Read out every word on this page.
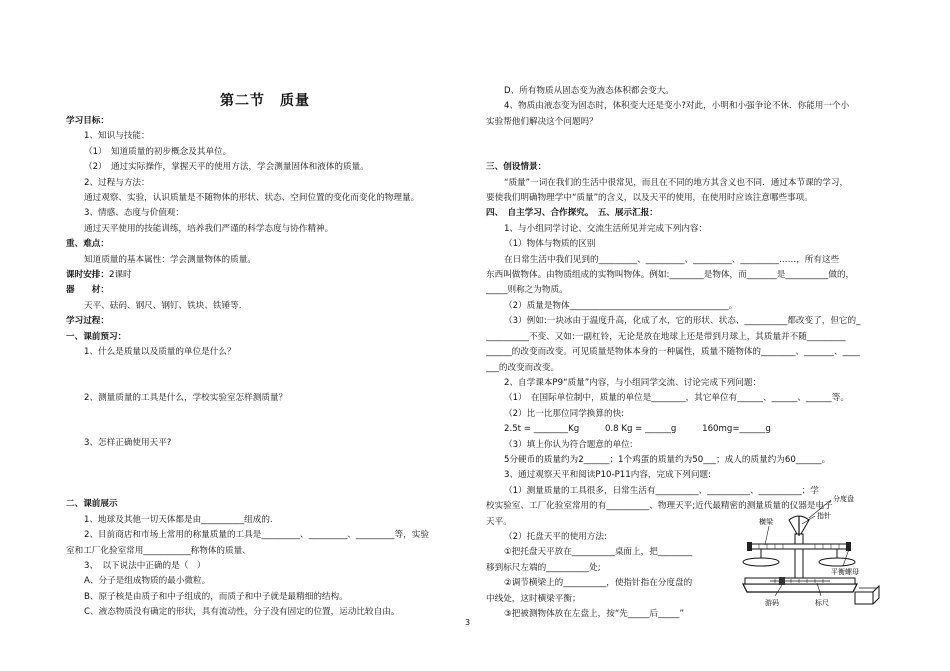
第二节　质量
学习目标：
1、知识与技能：
（1）　知道质量的初步概念及其单位。
（2）　通过实际操作，掌握天平的使用方法，学会测量固体和液体的质量。
2、过程与方法：
通过观察、实验，认识质量是不随物体的形状、状态、空间位置的变化而变化的物理量。
3、情感、态度与价值观：
通过天平使用的技能训练，培养我们严谨的科学态度与协作精神。
重、难点：
知道质量的基本属性：学会测量物体的质量。
课时安排：2课时
器　　材：
天平、砝码、钢尺、钢钉、铁块、铁锤等.
学习过程：
一、课前预习：
1、什么是质量以及质量的单位是什么？
2、测量质量的工具是什么，学校实验室怎样测质量？
3、怎样正确使用天平?
二、课前展示
1、地球及其他一切天体都是由__________组成的.
2、目前商店和市场上常用的称量质量的工具是_________、_________、_________等，实验
室和工厂化验室常用___________称物体的质量、
3、　以下说法中正确的是（　）
A、分子是组成物质的最小微粒。
B、原子核是由质子和中子组成的，而质子和中子就是最精细的结构。
C、液态物质没有确定的形状，具有流动性，分子没有固定的位置，运动比较自由。
D、所有物质从固态变为液态体积都会变大。
4、物质由液态变为固态时，体积变大还是变小?对此，小明和小强争论不休．你能用一个小
实验帮他们解决这个问题吗？
三、创设情景：
“质量”一词在我们的生活中很常见，而且在不同的地方其含义也不同．通过本节课的学习，
要使我们明确物理学中“质量”的含义，以及天平的使用，在使用时应该注意哪些事项。
四、　自主学习、合作探究。　五、展示汇报：
1、与小组同学讨论、交流生活所见并完成下列内容：
（1）物体与物质的区别
在日常生活中我们见到的_________、_________、_________、_________……，所有这些
东西叫做物体。由物质组成的实物叫物体。例如:________是物体，而_______是__________做的，
_____则称之为物质。
（2）质量是物体_____________________________________。
（3）例如:一块冰由于温度升高，化成了水，它的形状、状态、__________都改变了，但它的_
__________不变、又如:一副杠铃，无论是放在地球上还是带到月球上，其质量并不随_________
______的改变而改变。可见质量是物体本身的一种属性，质量不随物体的________、_______、____
___的改变而改变。
2、自学课本P9“质量”内容，与小组同学交流、讨论完成下列问题：
（1）　在国际单位制中，质量的单位是________，其它单位有______、______、______等。
（2）比一比那位同学换算的快:
2.5t = ________Kg　　　0.8 Kg = ______g　　　160mg=______g
（3）填上你认为符合题意的单位:
5分硬币的质量约为2______；1个鸡蛋的质量约为50___；成人的质量约为60______。
3、通过观察天平和阅读P10-P11内容，完成下列问题:
（1）测量质量的工具很多，日常生活有__________、__________、__________；学
校实验室、工厂化验室常用的有__________、物理天平;近代最精密的测量质量的仪器是电子
天平。
（2）托盘天平的使用方法:
①把托盘天平放在__________桌面上，把________
移到标尺左端的__________处;
②调节横梁上的__________，使指针指在分度盘的
中线处，这时横梁平衡；
③把被测物体放在左盘上，按“先_____后_____”
分度盘
指针
横梁
平衡螺母
游码	标尺
3
